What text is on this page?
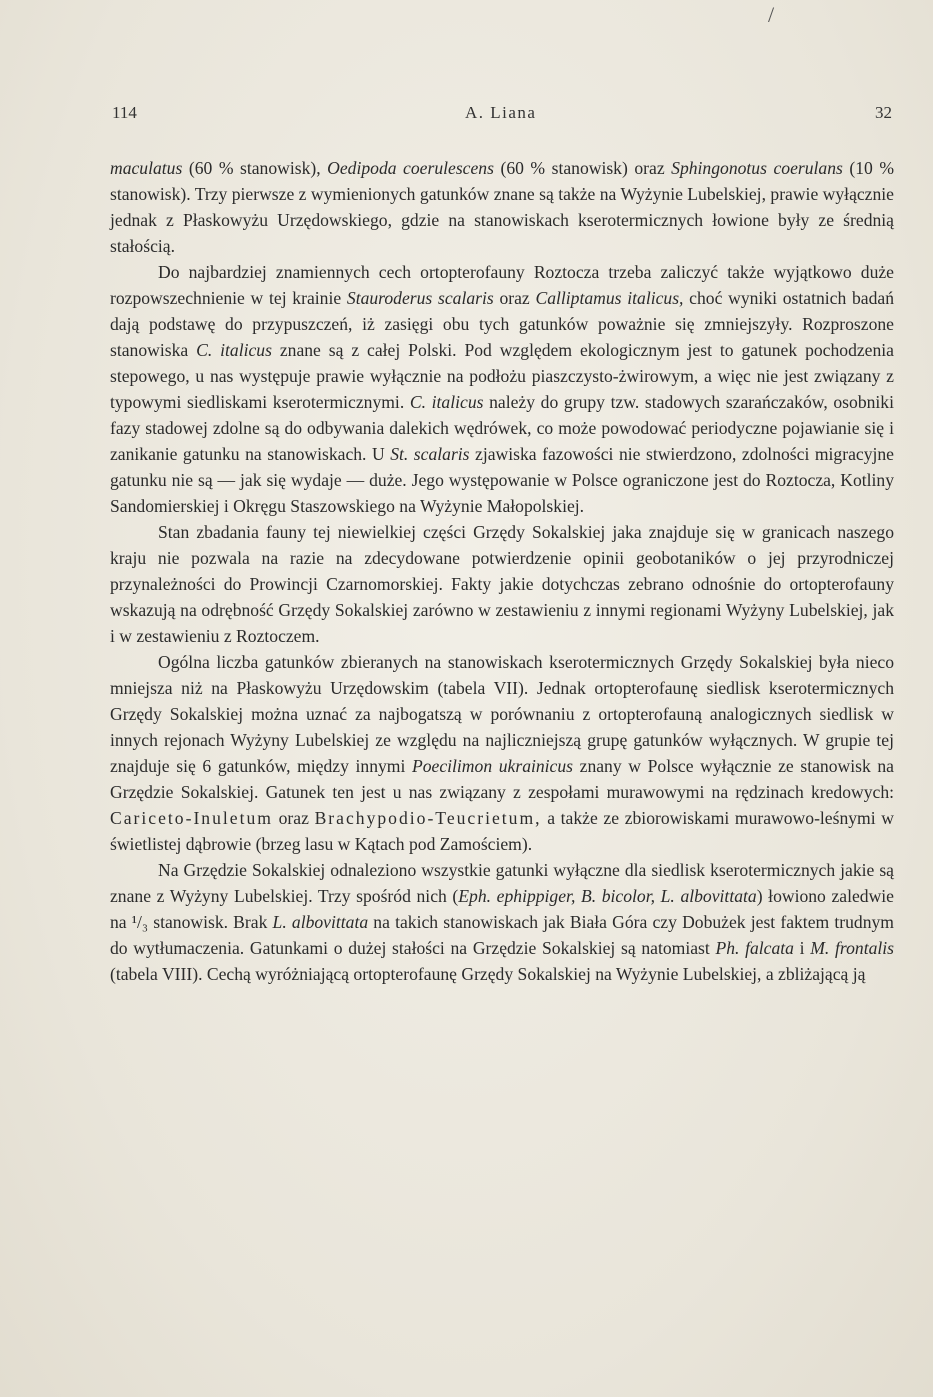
/
114	A. Liana	32

maculatus (60 % stanowisk), Oedipoda coerulescens (60 % stanowisk) oraz Sphingonotus coerulans (10 % stanowisk). Trzy pierwsze z wymienionych gatunków znane są także na Wyżynie Lubelskiej, prawie wyłącznie jednak z Płaskowyżu Urzędowskiego, gdzie na stanowiskach kserotermicznych łowione były ze średnią stałością.

Do najbardziej znamiennych cech ortopterofauny Roztocza trzeba zaliczyć także wyjątkowo duże rozpowszechnienie w tej krainie Stauroderus scalaris oraz Calliptamus italicus, choć wyniki ostatnich badań dają podstawę do przypuszczeń, iż zasięgi obu tych gatunków poważnie się zmniejszyły. Rozproszone stanowiska C. italicus znane są z całej Polski. Pod względem ekologicznym jest to gatunek pochodzenia stepowego, u nas występuje prawie wyłącznie na podłożu piaszczysto-żwirowym, a więc nie jest związany z typowymi siedliskami kserotermicznymi. C. italicus należy do grupy tzw. stadowych szarańczaków, osobniki fazy stadowej zdolne są do odbywania dalekich wędrówek, co może powodować periodyczne pojawianie się i zanikanie gatunku na stanowiskach. U St. scalaris zjawiska fazowości nie stwierdzono, zdolności migracyjne gatunku nie są — jak się wydaje — duże. Jego występowanie w Polsce ograniczone jest do Roztocza, Kotliny Sandomierskiej i Okręgu Staszowskiego na Wyżynie Małopolskiej.

Stan zbadania fauny tej niewielkiej części Grzędy Sokalskiej jaka znajduje się w granicach naszego kraju nie pozwala na razie na zdecydowane potwierdzenie opinii geobotaników o jej przyrodniczej przynależności do Prowincji Czarnomorskiej. Fakty jakie dotychczas zebrano odnośnie do ortopterofauny wskazują na odrębność Grzędy Sokalskiej zarówno w zestawieniu z innymi regionami Wyżyny Lubelskiej, jak i w zestawieniu z Roztoczem.

Ogólna liczba gatunków zbieranych na stanowiskach kserotermicznych Grzędy Sokalskiej była nieco mniejsza niż na Płaskowyżu Urzędowskim (tabela VII). Jednak ortopterofaunę siedlisk kserotermicznych Grzędy Sokalskiej można uznać za najbogatszą w porównaniu z ortopterofauną analogicznych siedlisk w innych rejonach Wyżyny Lubelskiej ze względu na najliczniejszą grupę gatunków wyłącznych. W grupie tej znajduje się 6 gatunków, między innymi Poecilimon ukrainicus znany w Polsce wyłącznie ze stanowisk na Grzędzie Sokalskiej. Gatunek ten jest u nas związany z zespołami murawowymi na rędzinach kredowych: Cariceto-Inuletum oraz Brachypodio-Teucrietum, a także ze zbiorowiskami murawowo-leśnymi w świetlistej dąbrowie (brzeg lasu w Kątach pod Zamościem).

Na Grzędzie Sokalskiej odnaleziono wszystkie gatunki wyłączne dla siedlisk kserotermicznych jakie są znane z Wyżyny Lubelskiej. Trzy spośród nich (Eph. ephippiger, B. bicolor, L. albovittata) łowiono zaledwie na ¹/₃ stanowisk. Brak L. albovittata na takich stanowiskach jak Biała Góra czy Dobużek jest faktem trudnym do wytłumaczenia. Gatunkami o dużej stałości na Grzędzie Sokalskiej są natomiast Ph. falcata i M. frontalis (tabela VIII). Cechą wyróżniającą ortopterofaunę Grzędy Sokalskiej na Wyżynie Lubelskiej, a zbliżającą ją
